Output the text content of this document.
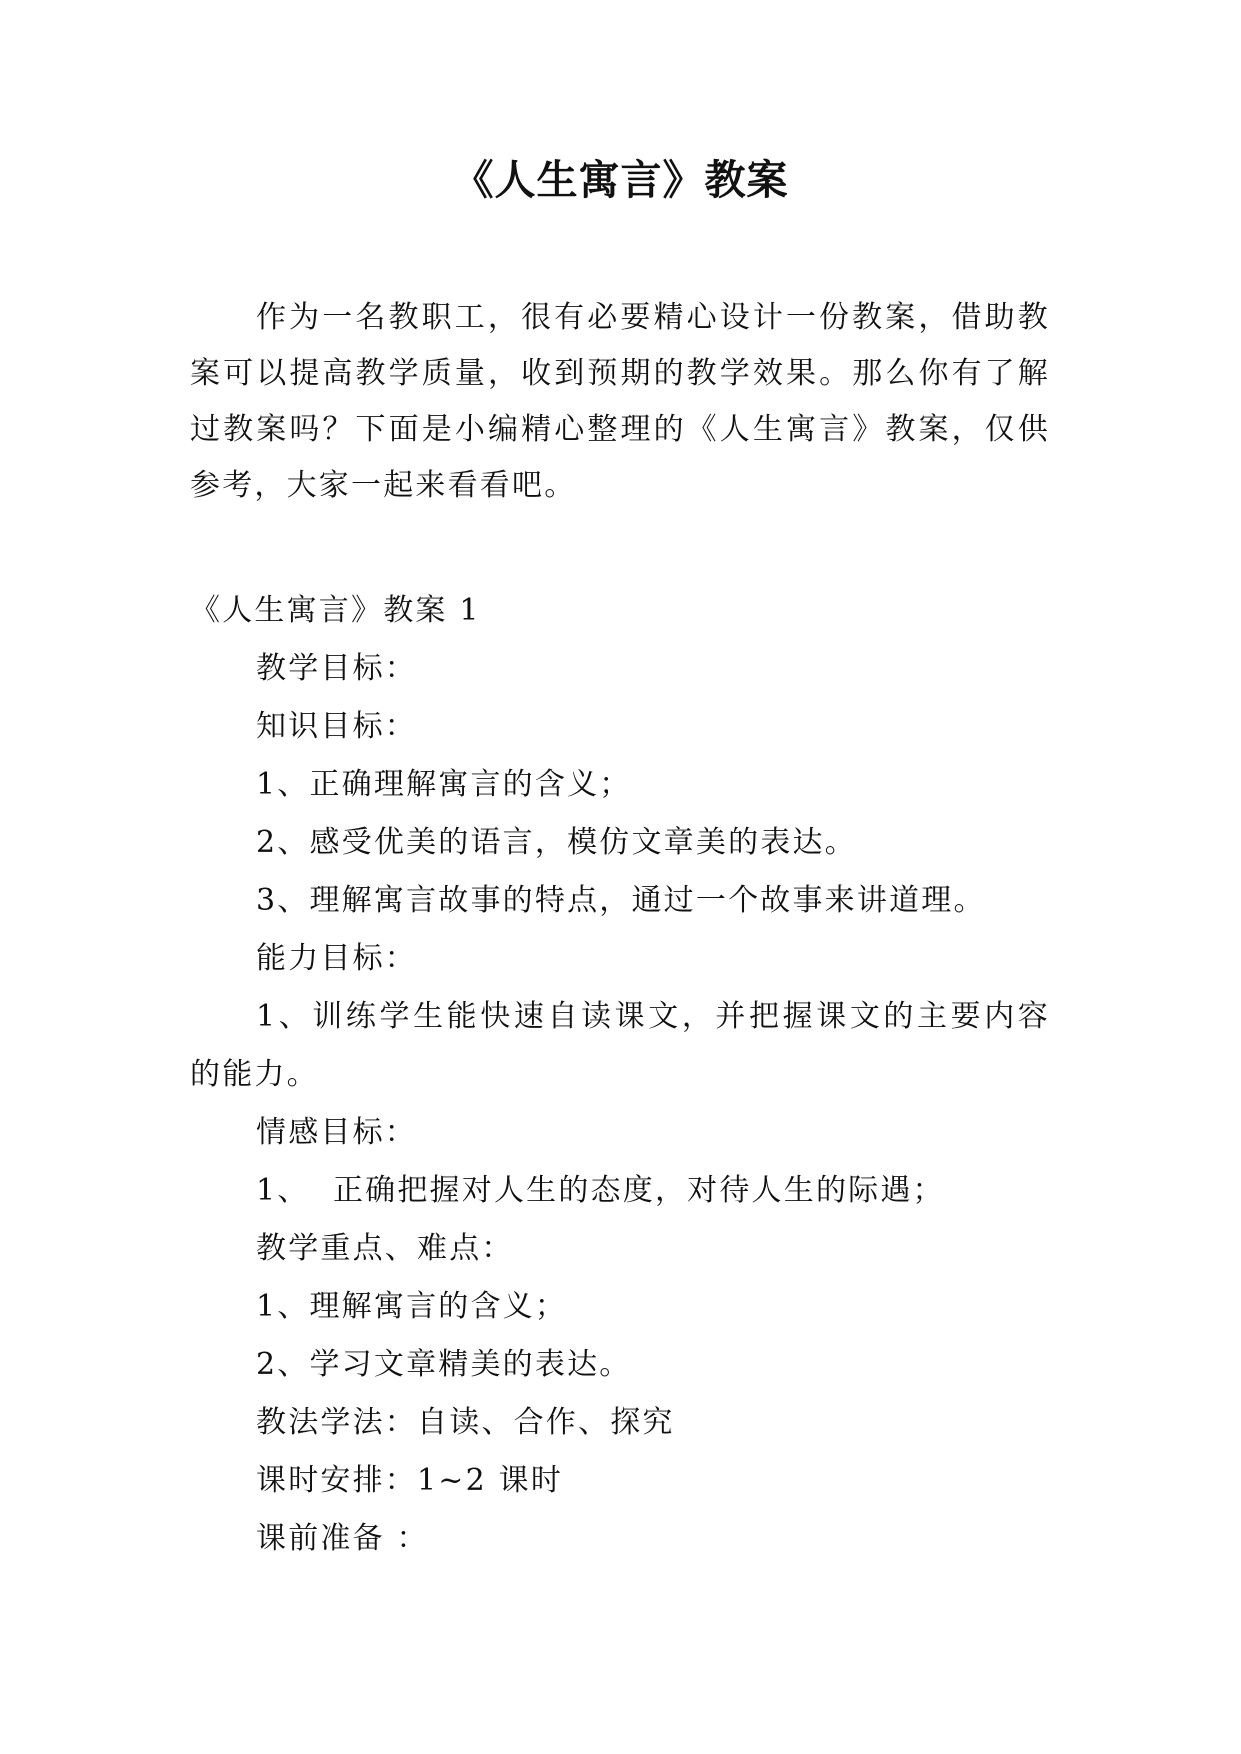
《人生寓言》教案

作为一名教职工，很有必要精心设计一份教案，借助教案可以提高教学质量，收到预期的教学效果。那么你有了解过教案吗？下面是小编精心整理的《人生寓言》教案，仅供参考，大家一起来看看吧。

《人生寓言》教案 1
教学目标：
知识目标：
1、正确理解寓言的含义；
2、感受优美的语言，模仿文章美的表达。
3、理解寓言故事的特点，通过一个故事来讲道理。
能力目标：
1、训练学生能快速自读课文，并把握课文的主要内容的能力。
情感目标：
1、  正确把握对人生的态度，对待人生的际遇；
教学重点、难点：
1、理解寓言的含义；
2、学习文章精美的表达。
教法学法：自读、合作、探究
课时安排：1~2 课时
课前准备 ：
